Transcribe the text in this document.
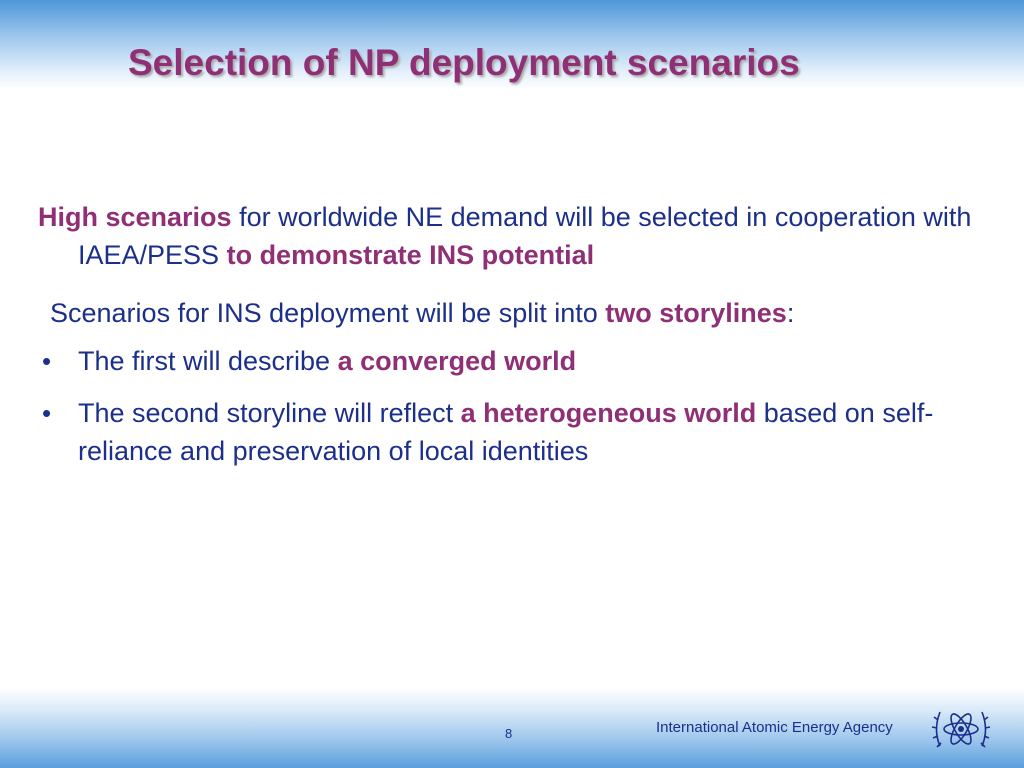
Selection of NP deployment scenarios

High scenarios for worldwide NE demand will be selected in cooperation with IAEA/PESS to demonstrate INS potential

Scenarios for INS deployment will be split into two storylines:

• The first will describe a converged world
• The second storyline will reflect a heterogeneous world based on self-reliance and preservation of local identities
8	International Atomic Energy Agency
